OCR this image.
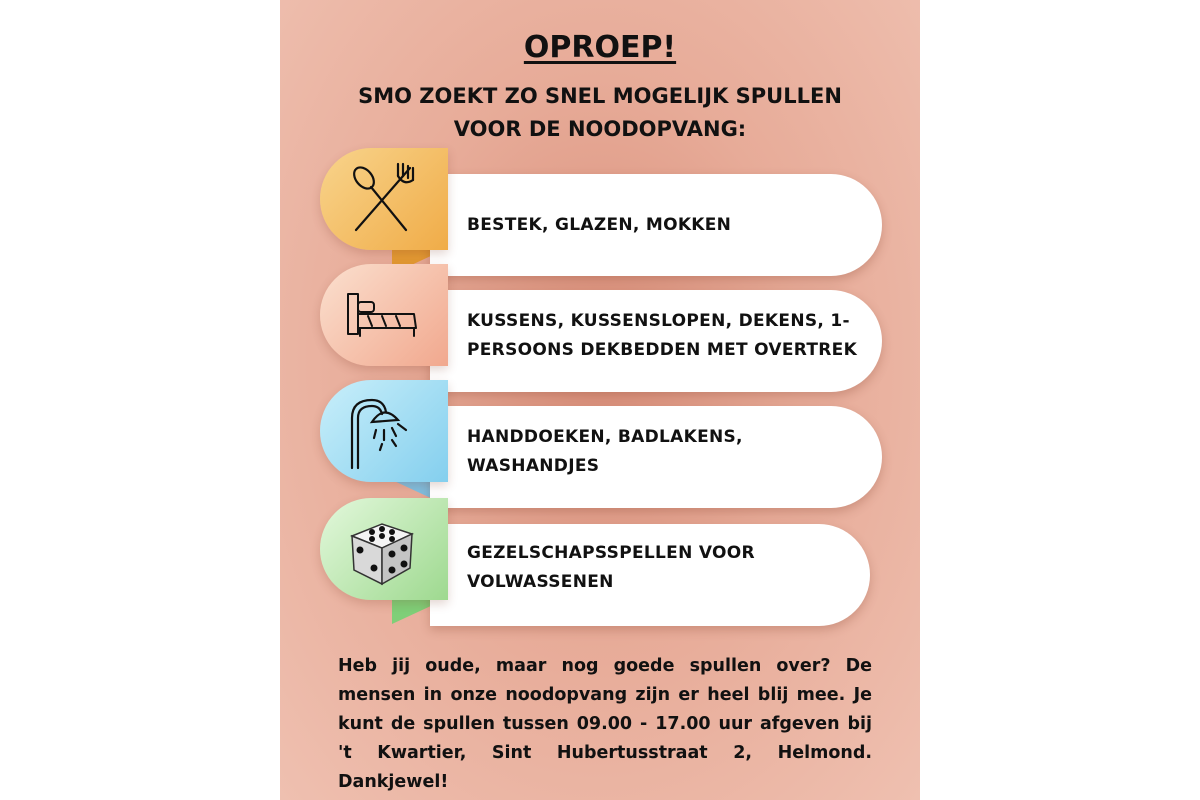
OPROEP!
SMO ZOEKT ZO SNEL MOGELIJK SPULLEN
VOOR DE NOODOPVANG:
BESTEK, GLAZEN, MOKKEN
KUSSENS, KUSSENSLOPEN, DEKENS, 1-
PERSOONS DEKBEDDEN MET OVERTREK
HANDDOEKEN, BADLAKENS,
WASHANDJES
GEZELSCHAPSSPELLEN VOOR
VOLWASSENEN
Heb jij oude, maar nog goede spullen over? De mensen in onze noodopvang zijn er heel blij mee. Je kunt de spullen tussen 09.00 - 17.00 uur afgeven bij 't Kwartier, Sint Hubertusstraat 2, Helmond. Dankjewel!
